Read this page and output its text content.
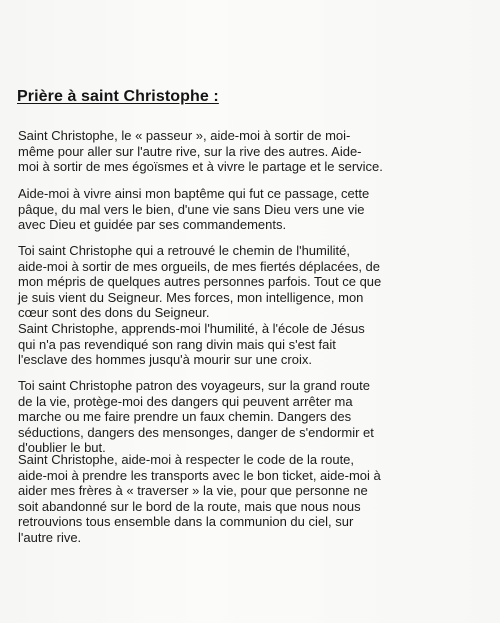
Prière à saint Christophe :

Saint Christophe, le « passeur », aide-moi à sortir de moi-
même pour aller sur l'autre rive, sur la rive des autres. Aide-
moi à sortir de mes égoïsmes et à vivre le partage et le service.

Aide-moi à vivre ainsi mon baptême qui fut ce passage, cette
pâque, du mal vers le bien, d'une vie sans Dieu vers une vie
avec Dieu et guidée par ses commandements.

Toi saint Christophe qui a retrouvé le chemin de l'humilité,
aide-moi à sortir de mes orgueils, de mes fiertés déplacées, de
mon mépris de quelques autres personnes parfois. Tout ce que
je suis vient du Seigneur. Mes forces, mon intelligence, mon
cœur sont des dons du Seigneur.
Saint Christophe, apprends-moi l'humilité, à l'école de Jésus
qui n'a pas revendiqué son rang divin mais qui s'est fait
l'esclave des hommes jusqu'à mourir sur une croix.

Toi saint Christophe patron des voyageurs, sur la grand route
de la vie, protège-moi des dangers qui peuvent arrêter ma
marche ou me faire prendre un faux chemin. Dangers des
séductions, dangers des mensonges, danger de s'endormir et
d'oublier le but.

Saint Christophe, aide-moi à respecter le code de la route,
aide-moi à prendre les transports avec le bon ticket, aide-moi à
aider mes frères à « traverser » la vie, pour que personne ne
soit abandonné sur le bord de la route, mais que nous nous
retrouvions tous ensemble dans la communion du ciel, sur
l'autre rive.
